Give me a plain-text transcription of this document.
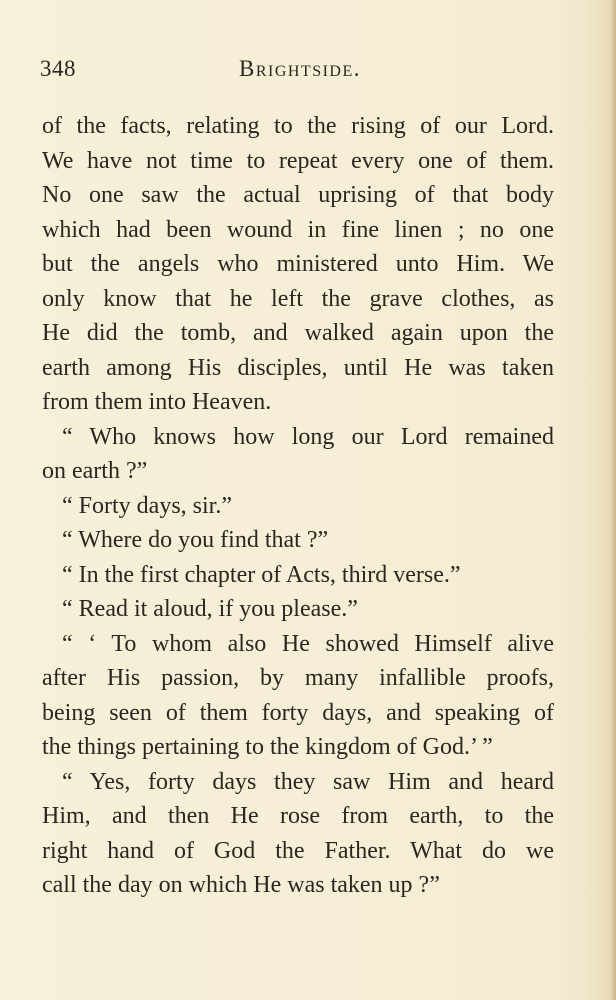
348	Brightside.
of the facts, relating to the rising of our Lord.
We have not time to repeat every one of them.
No one saw the actual uprising of that body
which had been wound in fine linen ; no one
but the angels who ministered unto Him. We
only know that he left the grave clothes, as
He did the tomb, and walked again upon the
earth among His disciples, until He was taken
from them into Heaven.
“ Who knows how long our Lord remained
on earth ?”
“ Forty days, sir.”
“ Where do you find that ?”
“ In the first chapter of Acts, third verse.”
“ Read it aloud, if you please.”
“ ‘ To whom also He showed Himself alive
after His passion, by many infallible proofs,
being seen of them forty days, and speaking of
the things pertaining to the kingdom of God.’ ”
“ Yes, forty days they saw Him and heard
Him, and then He rose from earth, to the
right hand of God the Father. What do we
call the day on which He was taken up ?”
